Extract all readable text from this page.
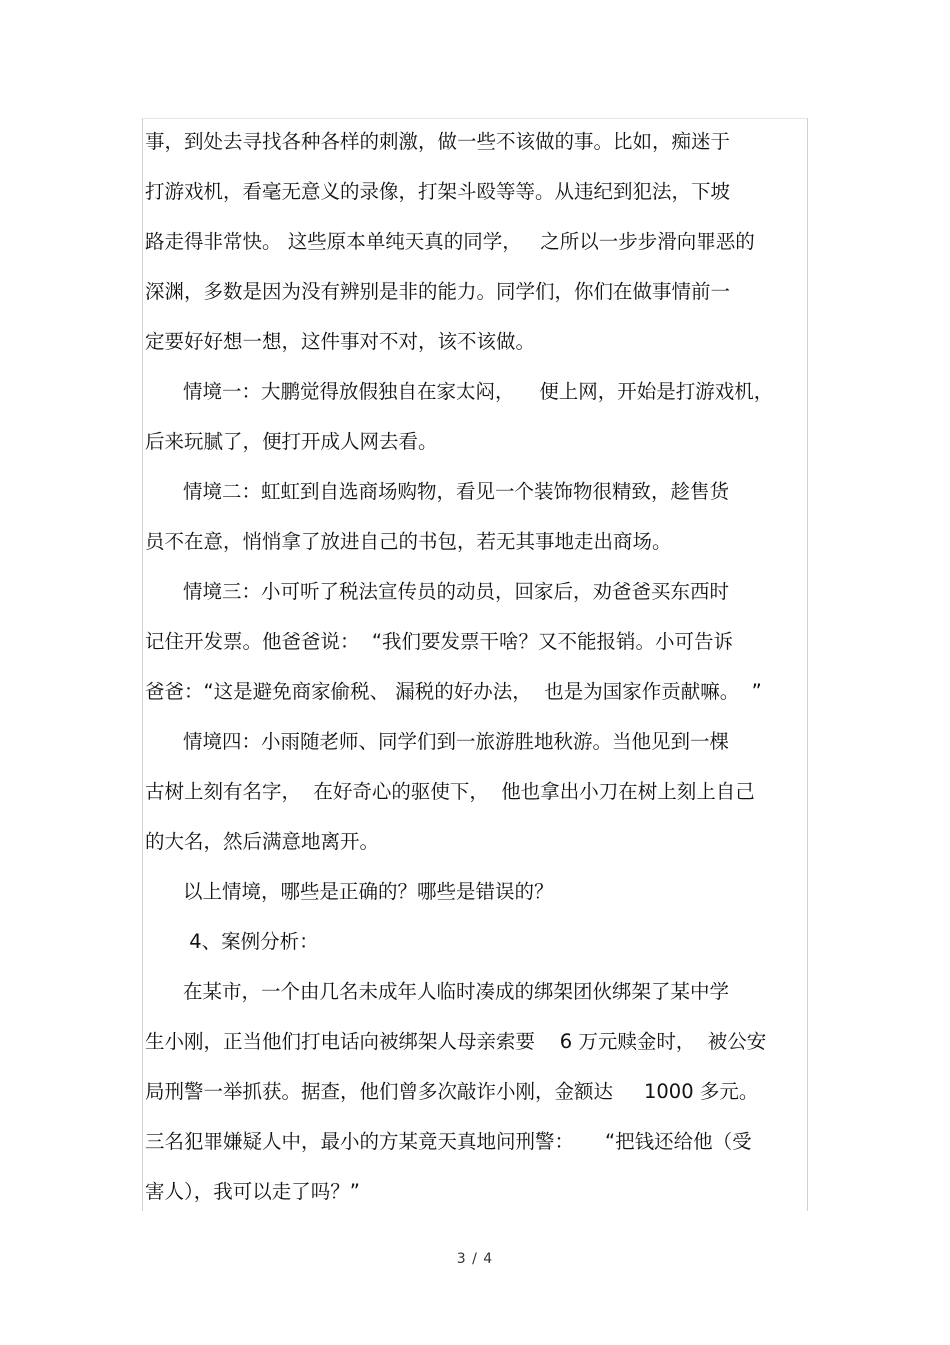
事，到处去寻找各种各样的刺激，做一些不该做的事。比如，痴迷于
打游戏机，看毫无意义的录像，打架斗殴等等。从违纪到犯法，下坡
路走得非常快。 这些原本单纯天真的同学，   之所以一步步滑向罪恶的
深渊，多数是因为没有辨别是非的能力。同学们，你们在做事情前一
定要好好想一想，这件事对不对，该不该做。
情境一：大鹏觉得放假独自在家太闷，    便上网，开始是打游戏机，
后来玩腻了，便打开成人网去看。
情境二：虹虹到自选商场购物，看见一个装饰物很精致，趁售货
员不在意，悄悄拿了放进自己的书包，若无其事地走出商场。
情境三：小可听了税法宣传员的动员，回家后，劝爸爸买东西时
记住开发票。他爸爸说：  “我们要发票干啥？又不能报销。小可告诉
爸爸：“这是避免商家偷税、 漏税的好办法，  也是为国家作贡献嘛。  ”
情境四：小雨随老师、同学们到一旅游胜地秋游。当他见到一棵
古树上刻有名字，  在好奇心的驱使下，  他也拿出小刀在树上刻上自己
的大名，然后满意地离开。
以上情境，哪些是正确的？哪些是错误的？
4、案例分析：
在某市，一个由几名未成年人临时凑成的绑架团伙绑架了某中学
生小刚，正当他们打电话向被绑架人母亲索要    6 万元赎金时，  被公安
局刑警一举抓获。据查，他们曾多次敲诈小刚，金额达     1000 多元。
三名犯罪嫌疑人中，最小的方某竟天真地问刑警：     “把钱还给他（受
害人），我可以走了吗？”
3 / 4
